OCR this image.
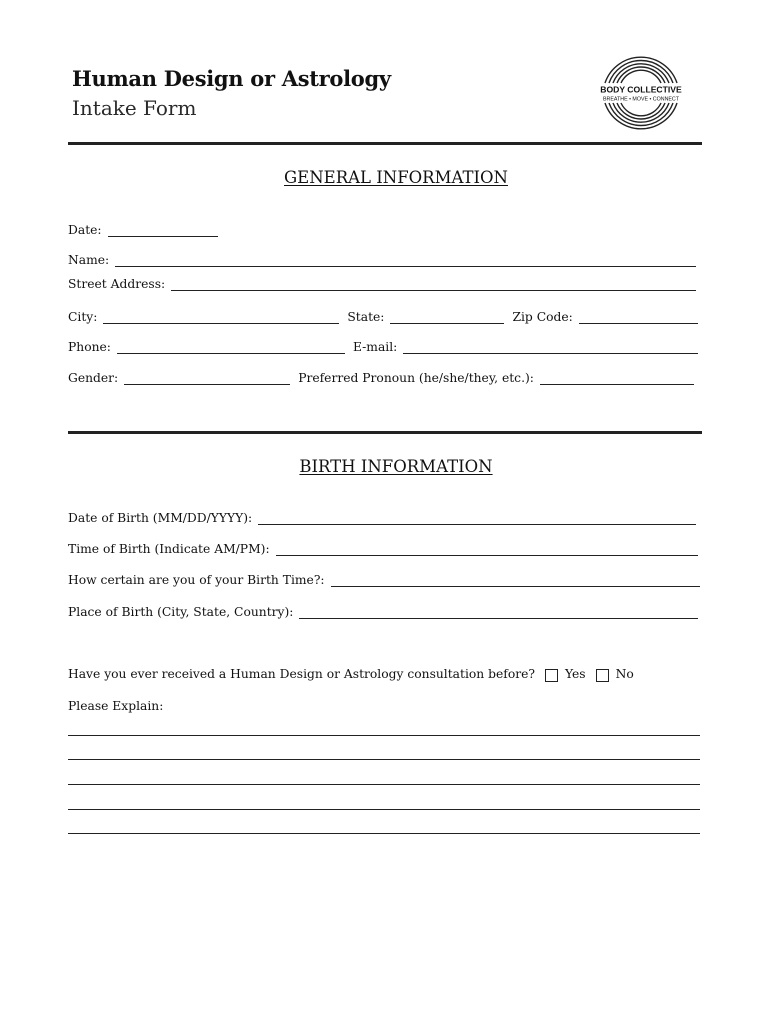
Human Design or Astrology
Intake Form
BODY COLLECTIVE
BREATHE • MOVE • CONNECT
GENERAL INFORMATION
Date:
Name:
Street Address:
City:	State:	Zip Code:
Phone:	E-mail:
Gender:	Preferred Pronoun (he/she/they, etc.):
BIRTH INFORMATION
Date of Birth (MM/DD/YYYY):
Time of Birth (Indicate AM/PM):
How certain are you of your Birth Time?:
Place of Birth (City, State, Country):
Have you ever received a Human Design or Astrology consultation before? Yes No
Please Explain:
